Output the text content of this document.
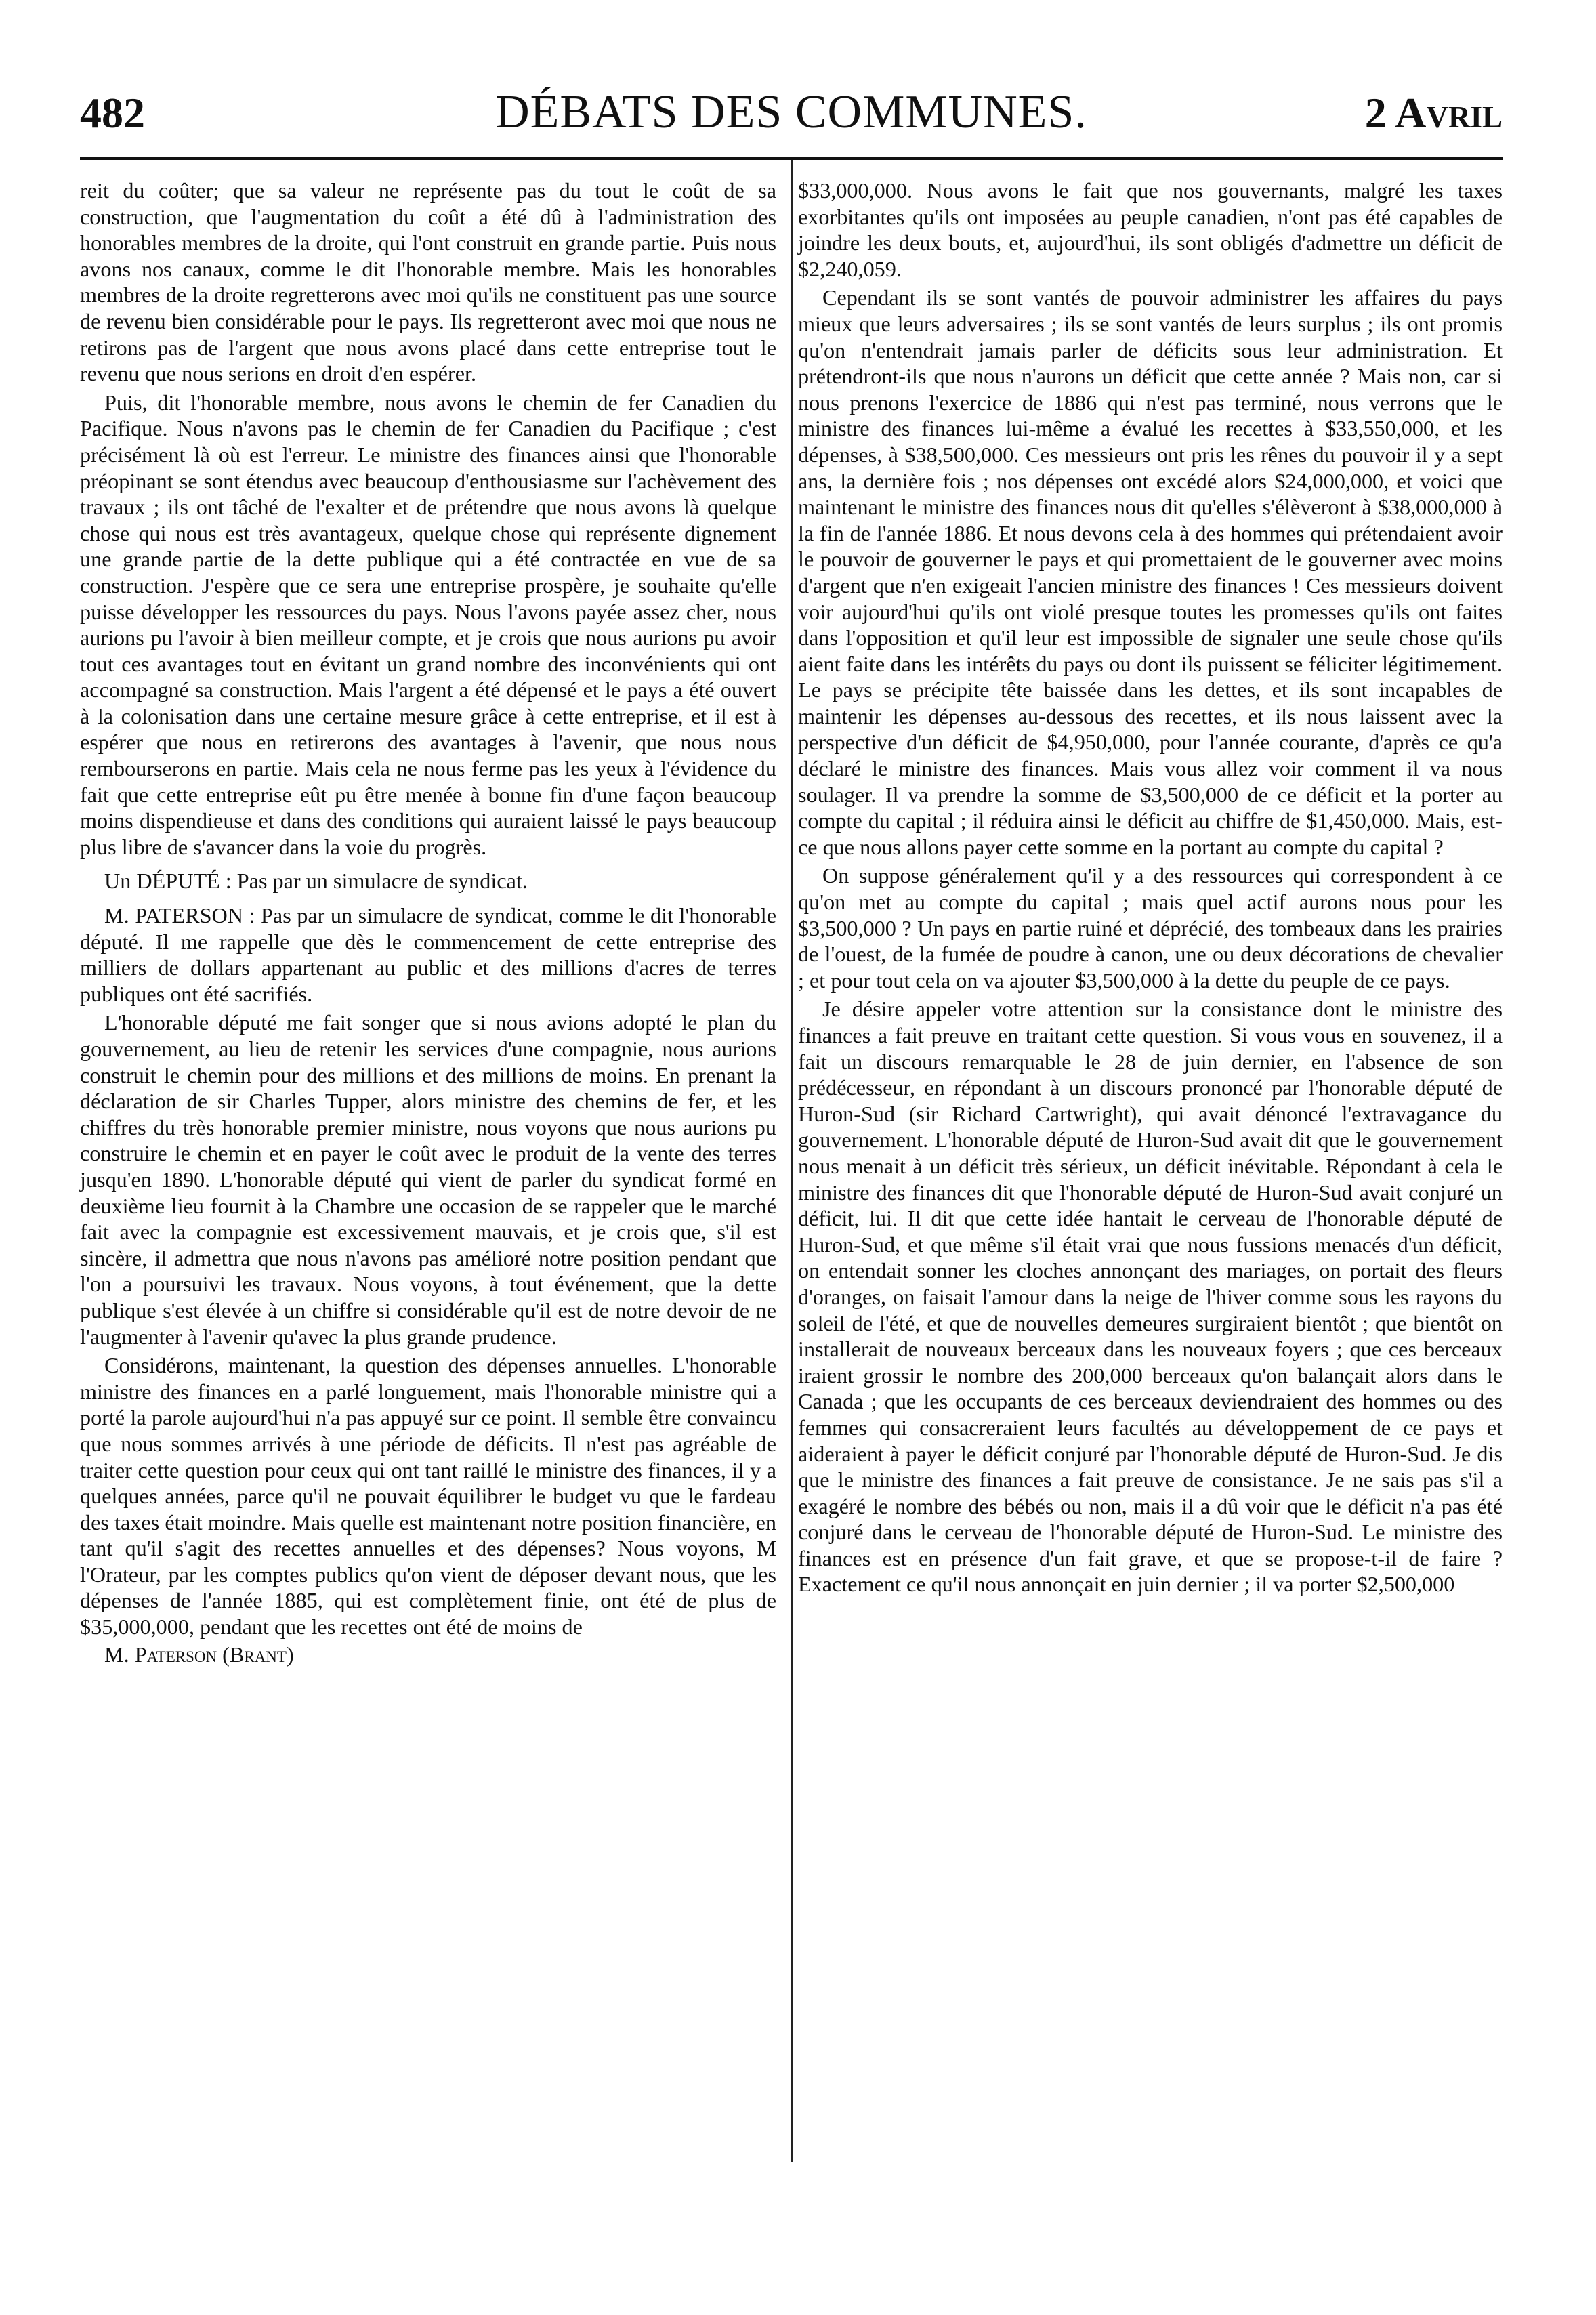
482	DÉBATS DES COMMUNES.	2 Avril

reit du coûter; que sa valeur ne représente pas du tout le coût de sa construction, que l'augmentation du coût a été dû à l'administration des honorables membres de la droite, qui l'ont construit en grande partie. Puis nous avons nos canaux, comme le dit l'honorable membre. Mais les honorables membres de la droite regretterons avec moi qu'ils ne constituent pas une source de revenu bien considérable pour le pays. Ils regretteront avec moi que nous ne retirons pas de l'argent que nous avons placé dans cette entreprise tout le revenu que nous serions en droit d'en espérer.

Puis, dit l'honorable membre, nous avons le chemin de fer Canadien du Pacifique. Nous n'avons pas le chemin de fer Canadien du Pacifique ; c'est précisément là où est l'erreur. Le ministre des finances ainsi que l'honorable préopinant se sont étendus avec beaucoup d'enthousiasme sur l'achèvement des travaux ; ils ont tâché de l'exalter et de prétendre que nous avons là quelque chose qui nous est très avantageux, quelque chose qui représente dignement une grande partie de la dette publique qui a été contractée en vue de sa construction. J'espère que ce sera une entreprise prospère, je souhaite qu'elle puisse développer les ressources du pays. Nous l'avons payée assez cher, nous aurions pu l'avoir à bien meilleur compte, et je crois que nous aurions pu avoir tout ces avantages tout en évitant un grand nombre des inconvénients qui ont accompagné sa construction. Mais l'argent a été dépensé et le pays a été ouvert à la colonisation dans une certaine mesure grâce à cette entreprise, et il est à espérer que nous en retirerons des avantages à l'avenir, que nous nous rembourserons en partie. Mais cela ne nous ferme pas les yeux à l'évidence du fait que cette entreprise eût pu être menée à bonne fin d'une façon beaucoup moins dispendieuse et dans des conditions qui auraient laissé le pays beaucoup plus libre de s'avancer dans la voie du progrès.

Un DÉPUTÉ : Pas par un simulacre de syndicat.

M. PATERSON : Pas par un simulacre de syndicat, comme le dit l'honorable député. Il me rappelle que dès le commencement de cette entreprise des milliers de dollars appartenant au public et des millions d'acres de terres publiques ont été sacrifiés.

L'honorable député me fait songer que si nous avions adopté le plan du gouvernement, au lieu de retenir les services d'une compagnie, nous aurions construit le chemin pour des millions et des millions de moins. En prenant la déclaration de sir Charles Tupper, alors ministre des chemins de fer, et les chiffres du très honorable premier ministre, nous voyons que nous aurions pu construire le chemin et en payer le coût avec le produit de la vente des terres jusqu'en 1890. L'honorable député qui vient de parler du syndicat formé en deuxième lieu fournit à la Chambre une occasion de se rappeler que le marché fait avec la compagnie est excessivement mauvais, et je crois que, s'il est sincère, il admettra que nous n'avons pas amélioré notre position pendant que l'on a poursuivi les travaux. Nous voyons, à tout événement, que la dette publique s'est élevée à un chiffre si considérable qu'il est de notre devoir de ne l'augmenter à l'avenir qu'avec la plus grande prudence.

Considérons, maintenant, la question des dépenses annuelles. L'honorable ministre des finances en a parlé longuement, mais l'honorable ministre qui a porté la parole aujourd'hui n'a pas appuyé sur ce point. Il semble être convaincu que nous sommes arrivés à une période de déficits. Il n'est pas agréable de traiter cette question pour ceux qui ont tant raillé le ministre des finances, il y a quelques années, parce qu'il ne pouvait équilibrer le budget vu que le fardeau des taxes était moindre. Mais quelle est maintenant notre position financière, en tant qu'il s'agit des recettes annuelles et des dépenses? Nous voyons, M l'Orateur, par les comptes publics qu'on vient de déposer devant nous, que les dépenses de l'année 1885, qui est complètement finie, ont été de plus de $35,000,000, pendant que les recettes ont été de moins de

M. Paterson (Brant)

$33,000,000. Nous avons le fait que nos gouvernants, malgré les taxes exorbitantes qu'ils ont imposées au peuple canadien, n'ont pas été capables de joindre les deux bouts, et, aujourd'hui, ils sont obligés d'admettre un déficit de $2,240,059.

Cependant ils se sont vantés de pouvoir administrer les affaires du pays mieux que leurs adversaires ; ils se sont vantés de leurs surplus ; ils ont promis qu'on n'entendrait jamais parler de déficits sous leur administration. Et prétendront-ils que nous n'aurons un déficit que cette année ? Mais non, car si nous prenons l'exercice de 1886 qui n'est pas terminé, nous verrons que le ministre des finances lui-même a évalué les recettes à $33,550,000, et les dépenses, à $38,500,000. Ces messieurs ont pris les rênes du pouvoir il y a sept ans, la dernière fois ; nos dépenses ont excédé alors $24,000,000, et voici que maintenant le ministre des finances nous dit qu'elles s'élèveront à $38,000,000 à la fin de l'année 1886. Et nous devons cela à des hommes qui prétendaient avoir le pouvoir de gouverner le pays et qui promettaient de le gouverner avec moins d'argent que n'en exigeait l'ancien ministre des finances ! Ces messieurs doivent voir aujourd'hui qu'ils ont violé presque toutes les promesses qu'ils ont faites dans l'opposition et qu'il leur est impossible de signaler une seule chose qu'ils aient faite dans les intérêts du pays ou dont ils puissent se féliciter légitimement. Le pays se précipite tête baissée dans les dettes, et ils sont incapables de maintenir les dépenses au-dessous des recettes, et ils nous laissent avec la perspective d'un déficit de $4,950,000, pour l'année courante, d'après ce qu'a déclaré le ministre des finances. Mais vous allez voir comment il va nous soulager. Il va prendre la somme de $3,500,000 de ce déficit et la porter au compte du capital ; il réduira ainsi le déficit au chiffre de $1,450,000. Mais, est-ce que nous allons payer cette somme en la portant au compte du capital ?

On suppose généralement qu'il y a des ressources qui correspondent à ce qu'on met au compte du capital ; mais quel actif aurons nous pour les $3,500,000 ? Un pays en partie ruiné et déprécié, des tombeaux dans les prairies de l'ouest, de la fumée de poudre à canon, une ou deux décorations de chevalier ; et pour tout cela on va ajouter $3,500,000 à la dette du peuple de ce pays.

Je désire appeler votre attention sur la consistance dont le ministre des finances a fait preuve en traitant cette question. Si vous vous en souvenez, il a fait un discours remarquable le 28 de juin dernier, en l'absence de son prédécesseur, en répondant à un discours prononcé par l'honorable député de Huron-Sud (sir Richard Cartwright), qui avait dénoncé l'extravagance du gouvernement. L'honorable député de Huron-Sud avait dit que le gouvernement nous menait à un déficit très sérieux, un déficit inévitable. Répondant à cela le ministre des finances dit que l'honorable député de Huron-Sud avait conjuré un déficit, lui. Il dit que cette idée hantait le cerveau de l'honorable député de Huron-Sud, et que même s'il était vrai que nous fussions menacés d'un déficit, on entendait sonner les cloches annonçant des mariages, on portait des fleurs d'oranges, on faisait l'amour dans la neige de l'hiver comme sous les rayons du soleil de l'été, et que de nouvelles demeures surgiraient bientôt ; que bientôt on installerait de nouveaux berceaux dans les nouveaux foyers ; que ces berceaux iraient grossir le nombre des 200,000 berceaux qu'on balançait alors dans le Canada ; que les occupants de ces berceaux deviendraient des hommes ou des femmes qui consacreraient leurs facultés au développement de ce pays et aideraient à payer le déficit conjuré par l'honorable député de Huron-Sud. Je dis que le ministre des finances a fait preuve de consistance. Je ne sais pas s'il a exagéré le nombre des bébés ou non, mais il a dû voir que le déficit n'a pas été conjuré dans le cerveau de l'honorable député de Huron-Sud. Le ministre des finances est en présence d'un fait grave, et que se propose-t-il de faire ? Exactement ce qu'il nous annonçait en juin dernier ; il va porter $2,500,000
